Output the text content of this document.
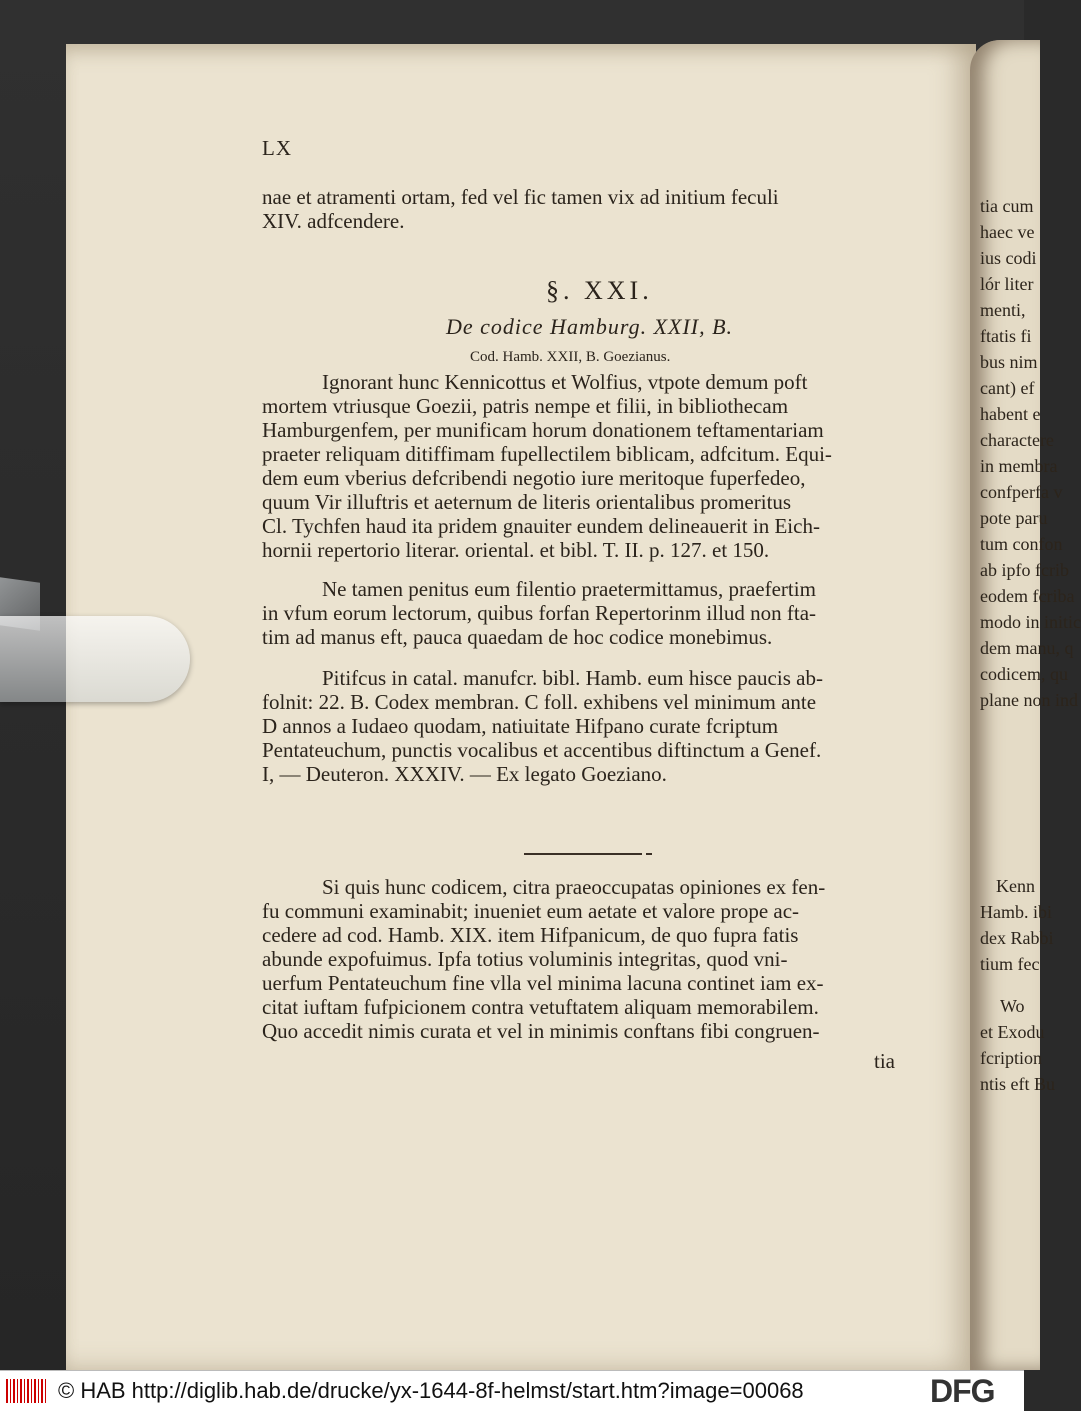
LX
nae et atramenti ortam, fed vel fic tamen vix ad initium feculi
XIV. adfcendere.
§. XXI.
De codice Hamburg. XXII, B.
Cod. Hamb. XXII, B. Goezianus.
Ignorant hunc Kennicottus et Wolfius, vtpote demum poft
mortem vtriusque Goezii, patris nempe et filii, in bibliothecam
Hamburgenfem, per munificam horum donationem teftamentariam
praeter reliquam ditiffimam fupellectilem biblicam, adfcitum. Equi-
dem eum vberius defcribendi negotio iure meritoque fuperfedeo,
quum Vir illuftris et aeternum de literis orientalibus promeritus
Cl. Tychfen haud ita pridem gnauiter eundem delineauerit in Eich-
hornii repertorio literar. oriental. et bibl. T. II. p. 127. et 150.
Ne tamen penitus eum filentio praetermittamus, praefertim
in vfum eorum lectorum, quibus forfan Repertorinm illud non fta-
tim ad manus eft, pauca quaedam de hoc codice monebimus.
Pitifcus in catal. manufcr. bibl. Hamb. eum hisce paucis ab-
folnit: 22. B. Codex membran. C foll. exhibens vel minimum ante
D annos a Iudaeo quodam, natiuitate Hifpano curate fcriptum
Pentateuchum, punctis vocalibus et accentibus diftinctum a Genef.
I, — Deuteron. XXXIV. — Ex legato Goeziano.
Si quis hunc codicem, citra praeoccupatas opiniones ex fen-
fu communi examinabit; inueniet eum aetate et valore prope ac-
cedere ad cod. Hamb. XIX. item Hifpanicum, de quo fupra fatis
abunde expofuimus. Ipfa totius voluminis integritas, quod vni-
uerfum Pentateuchum fine vlla vel minima lacuna continet iam ex-
citat iuftam fufpicionem contra vetuftatem aliquam memorabilem.
Quo accedit nimis curata et vel in minimis conftans fibi congruen-
tia
tia cum
haec ve
ius codi
lór liter
menti,
ftatis fi
bus nim
cant) ef
habent e
charactere
in membra
confperfa v
pote paru
tum confon
ab ipfo fcrib
eodem fcriba
modo in initic
dem manu, q
codicem, qu
plane non ind
Kenn
Hamb. ibi
dex Rabbi
tium fec
Wo
et Exodu
fcription
ntis eft Bu
© HAB http://diglib.hab.de/drucke/yx-1644-8f-helmst/start.htm?image=00068	DFG
